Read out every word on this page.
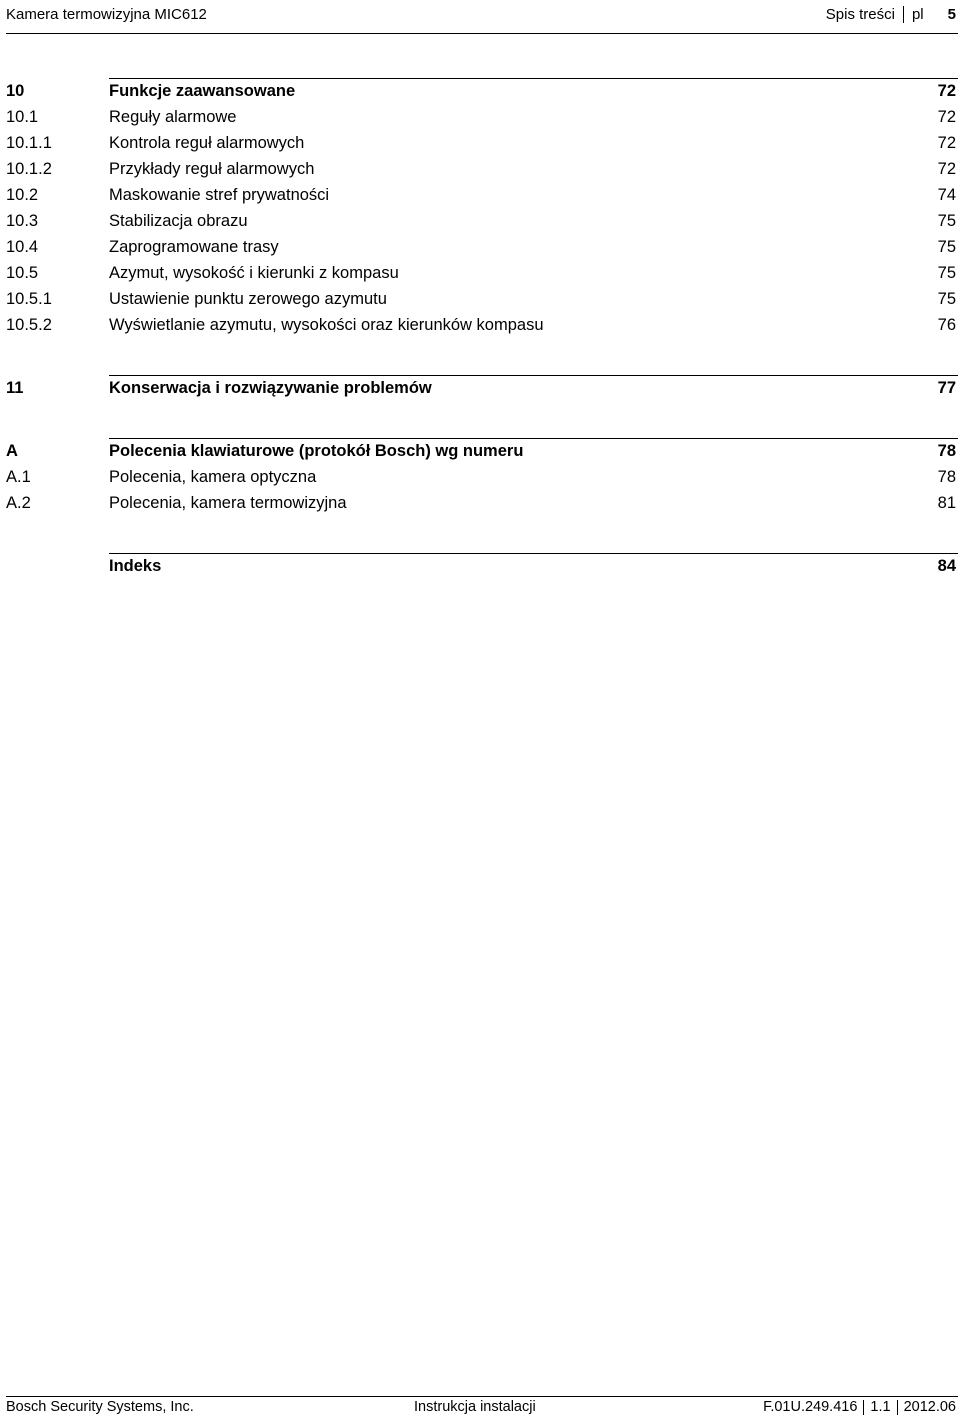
Kamera termowizyjna MIC612	Spis treści pl 5
10	Funkcje zaawansowane	72
10.1	Reguły alarmowe	72
10.1.1	Kontrola reguł alarmowych	72
10.1.2	Przykłady reguł alarmowych	72
10.2	Maskowanie stref prywatności	74
10.3	Stabilizacja obrazu	75
10.4	Zaprogramowane trasy	75
10.5	Azymut, wysokość i kierunki z kompasu	75
10.5.1	Ustawienie punktu zerowego azymutu	75
10.5.2	Wyświetlanie azymutu, wysokości oraz kierunków kompasu	76
11	Konserwacja i rozwiązywanie problemów	77
A	Polecenia klawiaturowe (protokół Bosch) wg numeru	78
A.1	Polecenia, kamera optyczna	78
A.2	Polecenia, kamera termowizyjna	81
Indeks	84
Bosch Security Systems, Inc.	Instrukcja instalacji	F.01U.249.416 1.1 2012.06
